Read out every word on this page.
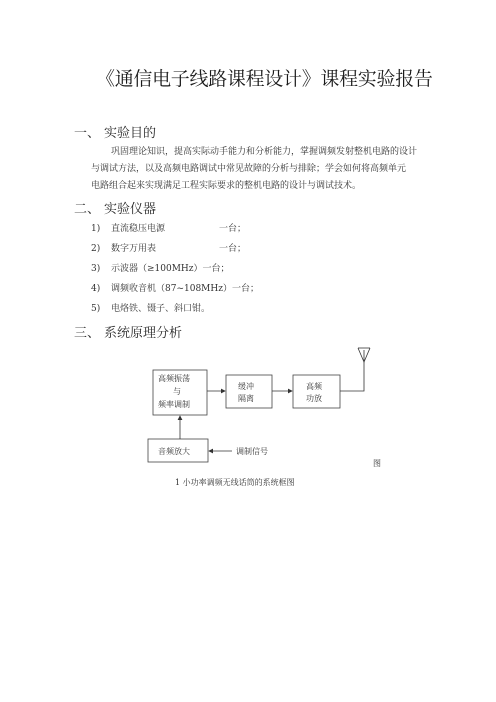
《通信电子线路课程设计》课程实验报告
一、 实验目的
巩固理论知识，提高实际动手能力和分析能力，掌握调频发射整机电路的设计
与调试方法，以及高频电路调试中常见故障的分析与排除；学会如何将高频单元
电路组合起来实现满足工程实际要求的整机电路的设计与调试技术。
二、 实验仪器
1) 直流稳压电源	一台；
2) 数字万用表	一台；
3) 示波器（≥100MHz）一台；
4) 调频收音机（87~108MHz）一台；
5) 电烙铁、镊子、斜口钳。
三、 系统原理分析
高频振荡
与
频率调制
缓冲
隔离
高频
功放
音频放大	调制信号
图
1 小功率调频无线话筒的系统框图
